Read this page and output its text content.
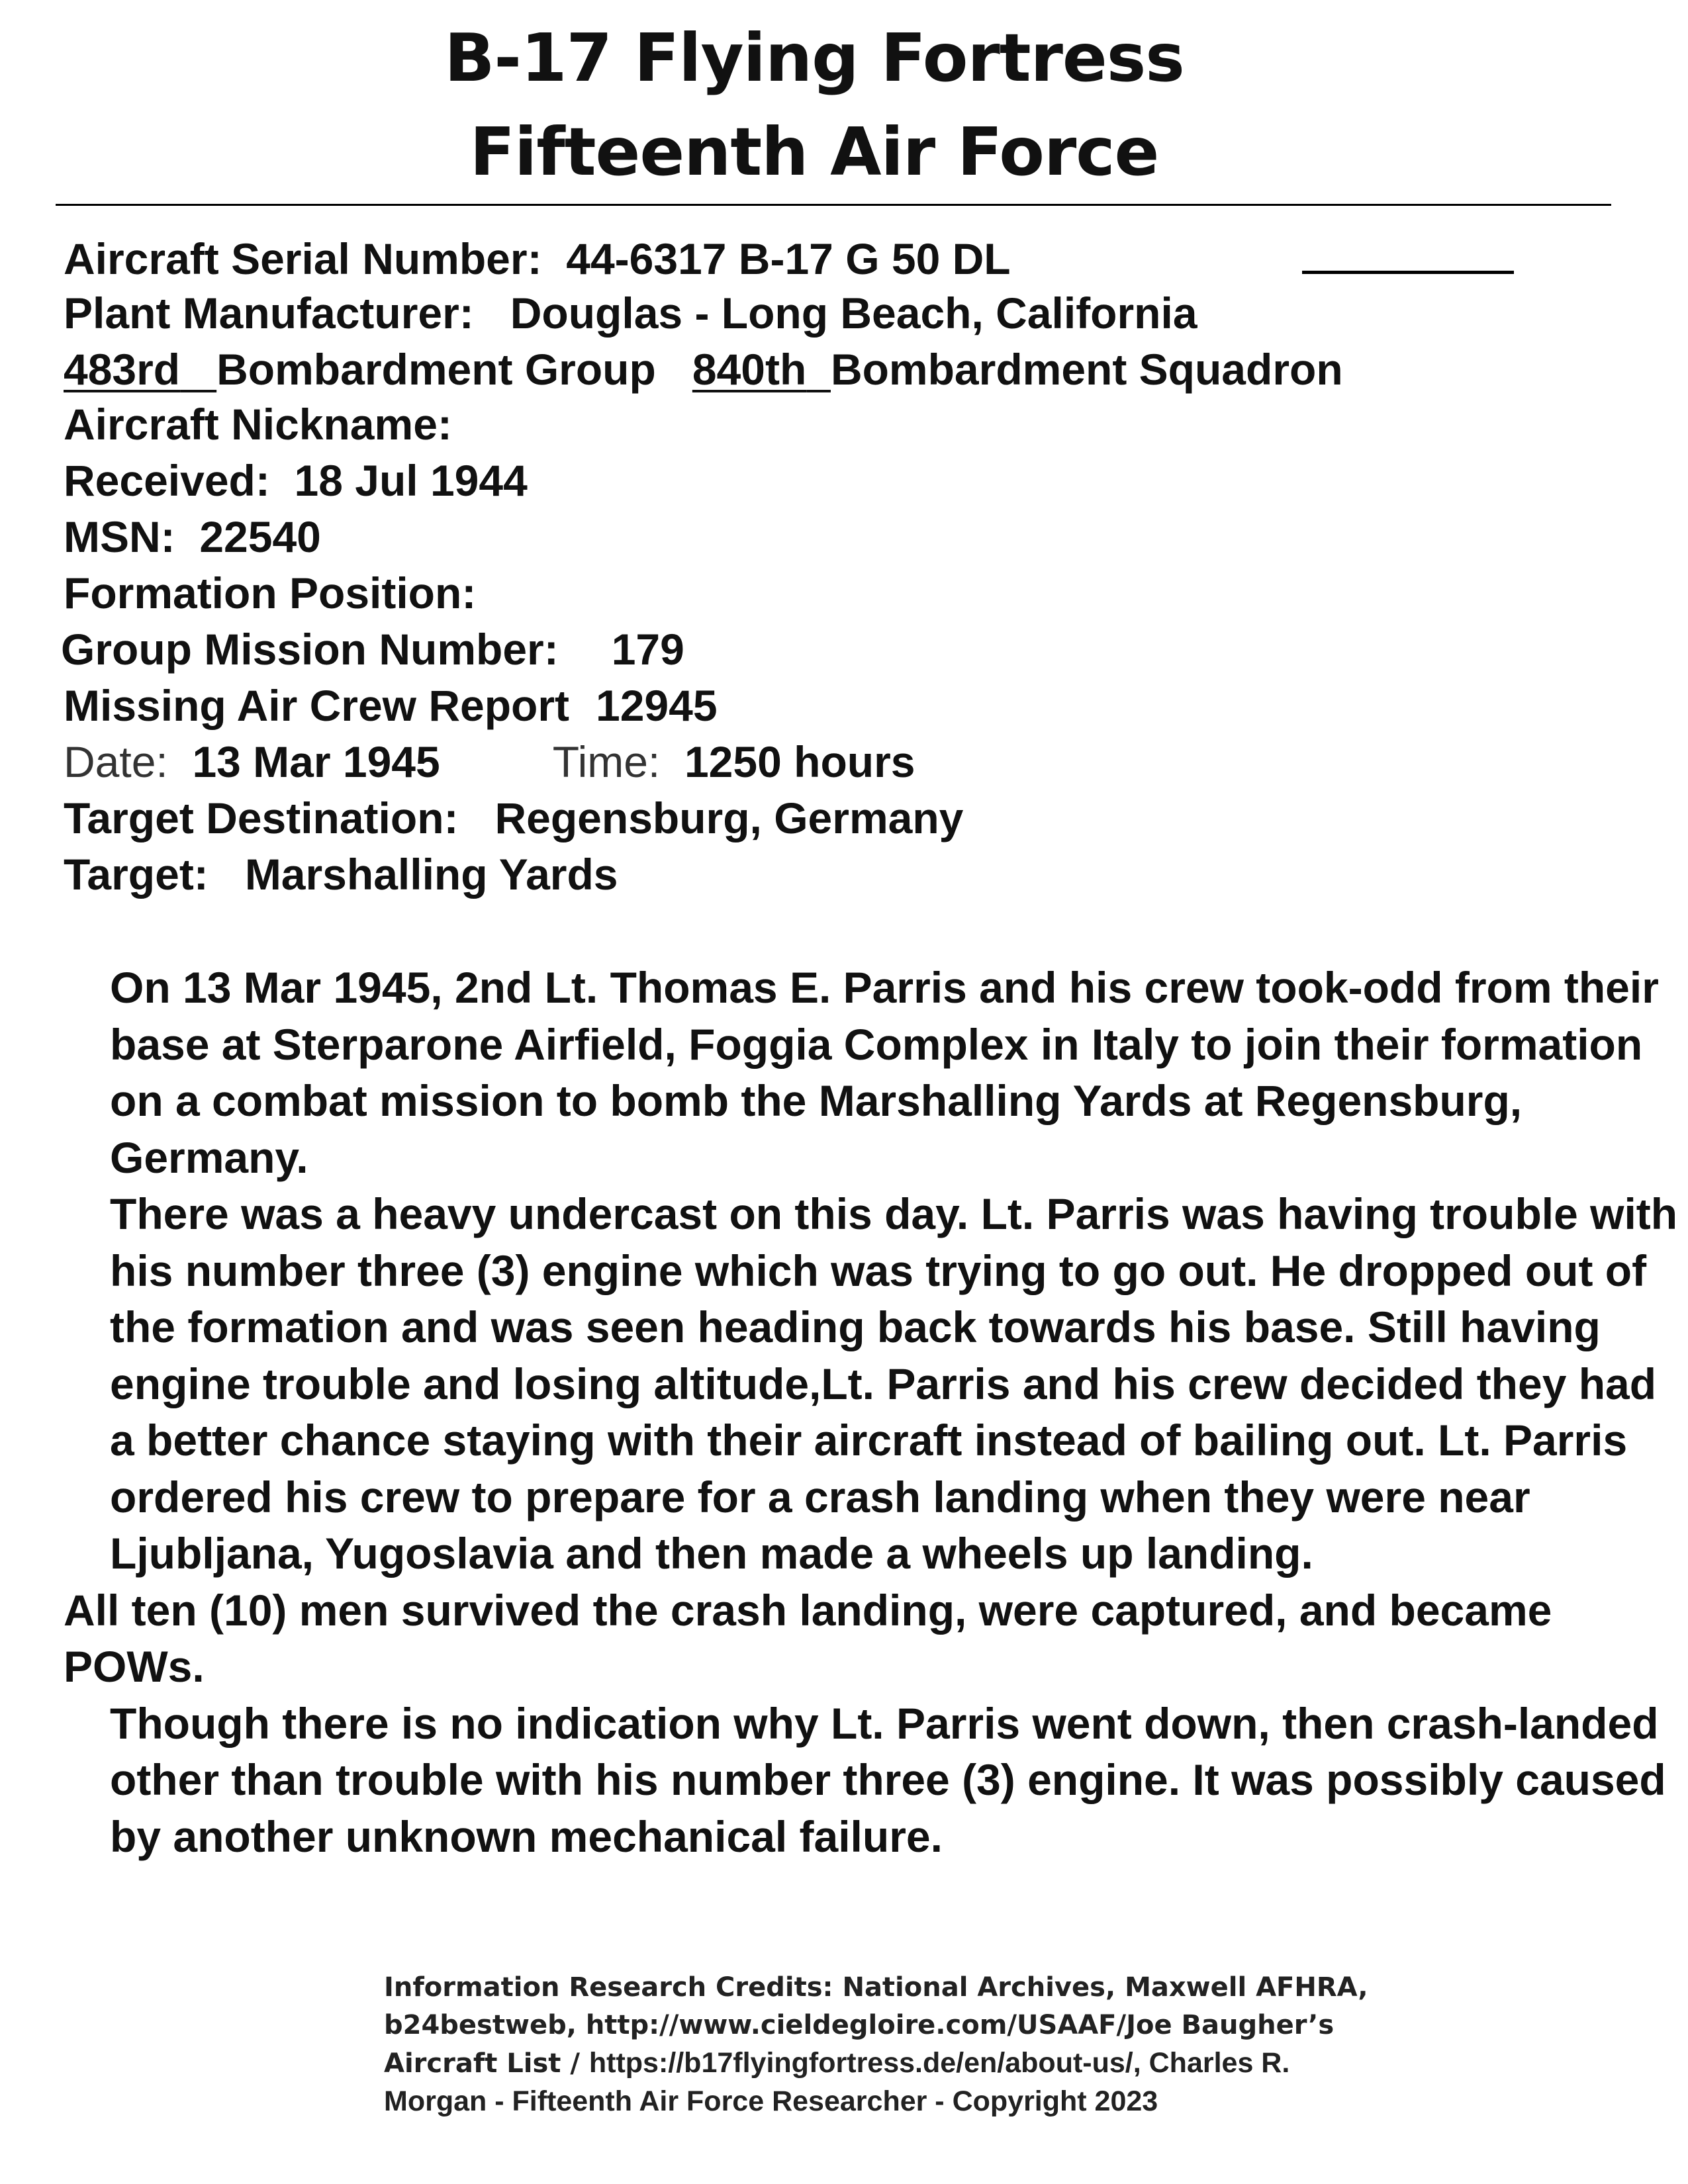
B-17 Flying Fortress
Fifteenth Air Force
Aircraft Serial Number: 44-6317 B-17 G 50 DL
Plant Manufacturer: Douglas - Long Beach, California
483rd Bombardment Group 840th Bombardment Squadron
Aircraft Nickname:
Received: 18 Jul 1944
MSN: 22540
Formation Position:
Group Mission Number: 179
Missing Air Crew Report 12945
Date: 13 Mar 1945	Time: 1250 hours
Target Destination: Regensburg, Germany
Target: Marshalling Yards

On 13 Mar 1945, 2nd Lt. Thomas E. Parris and his crew took-odd from their base at Sterparone Airfield, Foggia Complex in Italy to join their formation on a combat mission to bomb the Marshalling Yards at Regensburg, Germany.

There was a heavy undercast on this day. Lt. Parris was having trouble with his number three (3) engine which was trying to go out. He dropped out of the formation and was seen heading back towards his base. Still having engine trouble and losing altitude,Lt. Parris and his crew decided they had a better chance staying with their aircraft instead of bailing out. Lt. Parris ordered his crew to prepare for a crash landing when they were near Ljubljana, Yugoslavia and then made a wheels up landing.

All ten (10) men survived the crash landing, were captured, and became POWs.

Though there is no indication why Lt. Parris went down, then crash-landed other than trouble with his number three (3) engine. It was possibly caused by another unknown mechanical failure.

Information Research Credits: National Archives, Maxwell AFHRA,

b24bestweb, http://www.cieldegloire.com/USAAF/Joe Baugher’s

Aircraft List / https://b17flyingfortress.de/en/about-us/, Charles R.

Morgan - Fifteenth Air Force Researcher - Copyright 2023
